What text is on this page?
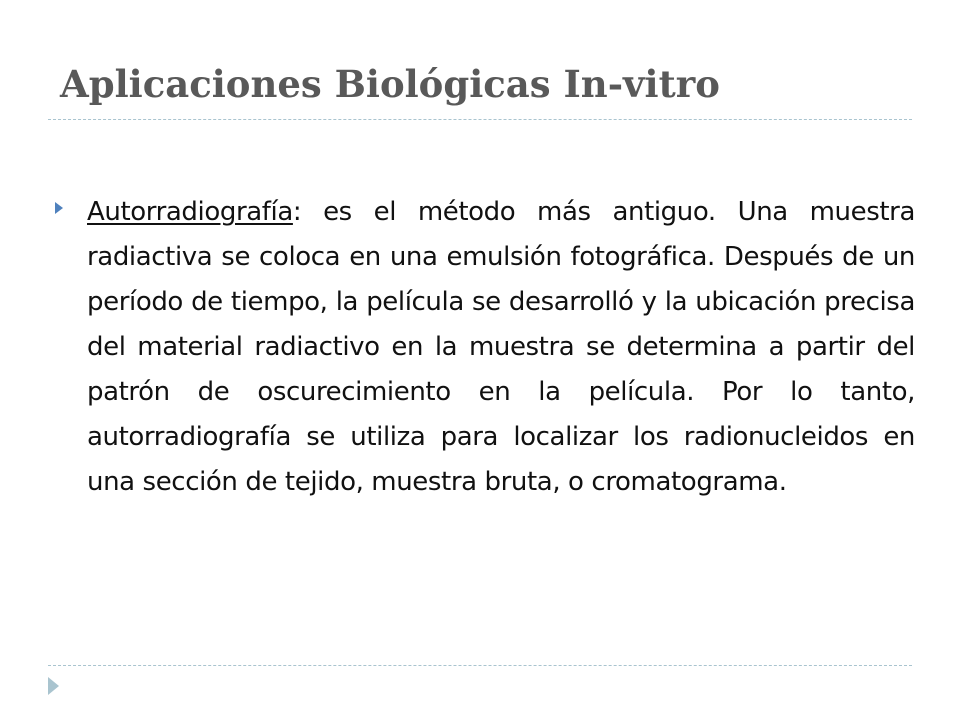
Aplicaciones Biológicas In-vitro
Autorradiografía: es el método más antiguo. Una muestra radiactiva se coloca en una emulsión fotográfica. Después de un período de tiempo, la película se desarrolló y la ubicación precisa del material radiactivo en la muestra se determina a partir del patrón de oscurecimiento en la película. Por lo tanto, autorradiografía se utiliza para localizar los radionucleidos en una sección de tejido, muestra bruta, o cromatograma.
